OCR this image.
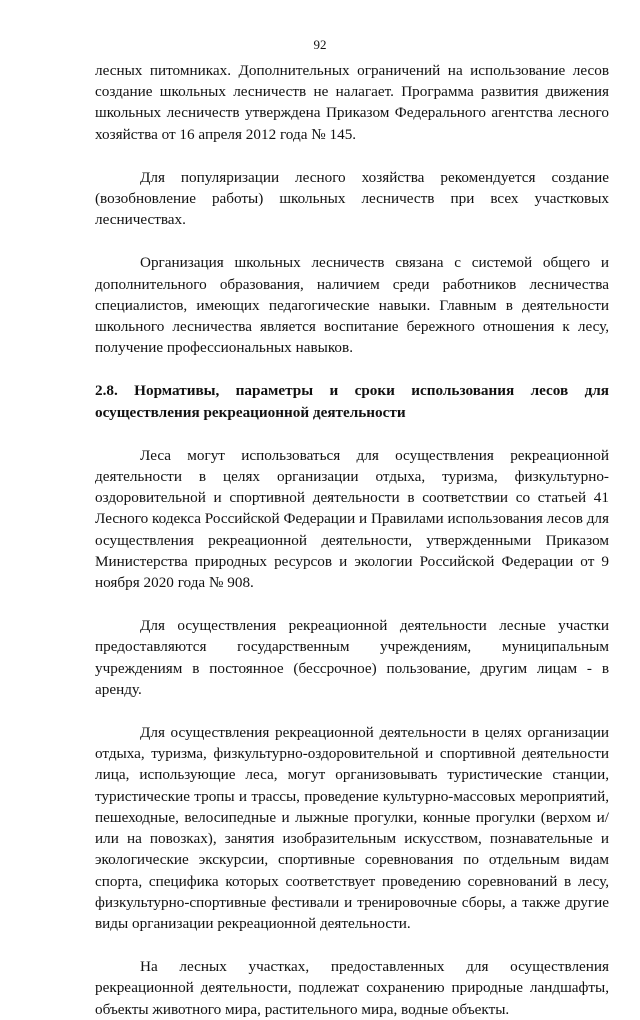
92

лесных питомниках. Дополнительных ограничений на использование лесов создание школьных лесничеств не налагает. Программа развития движения школьных лесничеств утверждена Приказом Федерального агентства лесного хозяйства от 16 апреля 2012 года № 145.

Для популяризации лесного хозяйства рекомендуется создание (возобновление работы) школьных лесничеств при всех участковых лесничествах.

Организация школьных лесничеств связана с системой общего и дополнительного образования, наличием среди работников лесничества специалистов, имеющих педагогические навыки. Главным в деятельности школьного лесничества является воспитание бережного отношения к лесу, получение профессиональных навыков.

2.8. Нормативы, параметры и сроки использования лесов для осуществления рекреационной деятельности

Леса могут использоваться для осуществления рекреационной деятельности в целях организации отдыха, туризма, физкультурно-оздоровительной и спортивной деятельности в соответствии со статьей 41 Лесного кодекса Российской Федерации и Правилами использования лесов для осуществления рекреационной деятельности, утвержденными Приказом Министерства природных ресурсов и экологии Российской Федерации от 9 ноября 2020 года № 908.

Для осуществления рекреационной деятельности лесные участки предоставляются государственным учреждениям, муниципальным учреждениям в постоянное (бессрочное) пользование, другим лицам - в аренду.

Для осуществления рекреационной деятельности в целях организации отдыха, туризма, физкультурно-оздоровительной и спортивной деятельности лица, использующие леса, могут организовывать туристические станции, туристические тропы и трассы, проведение культурно-массовых мероприятий, пешеходные, велосипедные и лыжные прогулки, конные прогулки (верхом и/или на повозках), занятия изобразительным искусством, познавательные и экологические экскурсии, спортивные соревнования по отдельным видам спорта, специфика которых соответствует проведению соревнований в лесу, физкультурно-спортивные фестивали и тренировочные сборы, а также другие виды организации рекреационной деятельности.

На лесных участках, предоставленных для осуществления рекреационной деятельности, подлежат сохранению природные ландшафты, объекты животного мира, растительного мира, водные объекты.
